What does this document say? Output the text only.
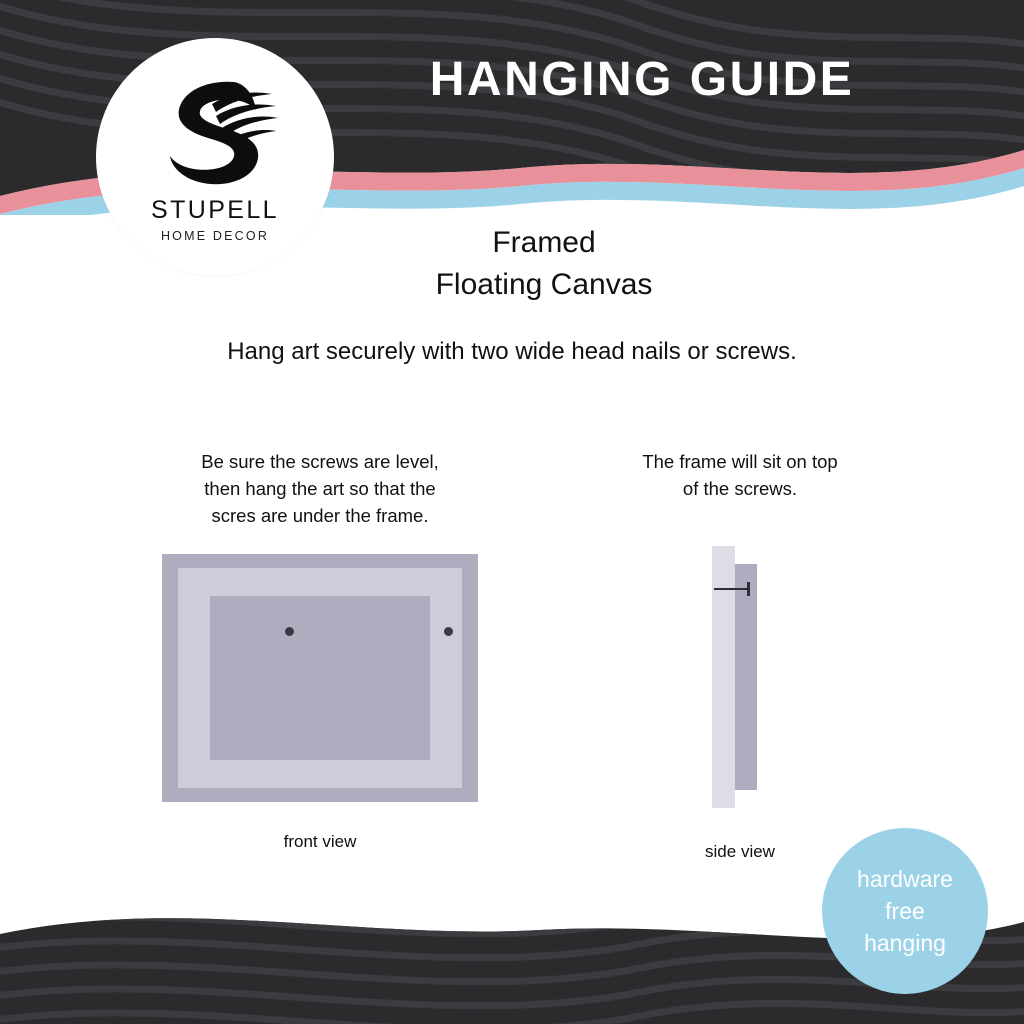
STUPELL
HOME DECOR
HANGING GUIDE
Framed
Floating Canvas
Hang art securely with two wide head nails or screws.
Be sure the screws are level,
then hang the art so that the
scres are under the frame.
The frame will sit on top
of the screws.
front view
side view
hardware
free
hanging
